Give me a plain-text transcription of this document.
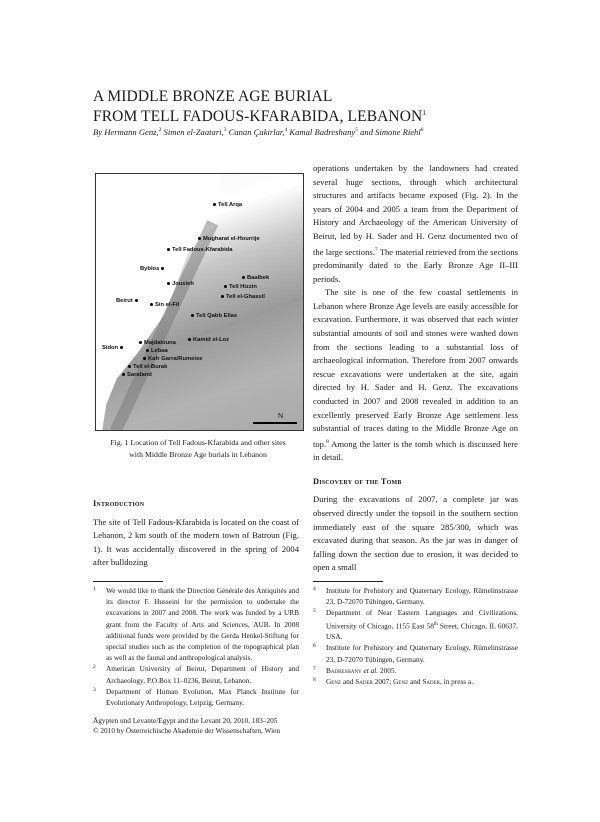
A MIDDLE BRONZE AGE BURIAL
FROM TELL FADOUS-KFARABIDA, LEBANON$^1$
By Hermann Genz,$^2$ Simen el-Zaatari,$^3$ Canan Çakirlar,$^4$ Kamal Badreshany$^5$ and Simone Riehl$^6$
Tell Arqa
Mugharat el-Hourrije
Tell Fadous-Kfarabida
Byblos
Jousieh
Baalbek
Tell Hizzin
Tell el-Ghassil
Beirut
Sin el-Fil
Tell Qabb Elias
Kamid el-Loz
Majdalouna
Sidon	Lebaa
Kafr Garra/Rumeise
Tell el-Burak
Sarafand
N
Fig. 1 Location of Tell Fadous-Kfarabida and other sites
with Middle Bronze Age burials in Lebanon
Introduction

The site of Tell Fadous-Kfarabida is located on the coast of Lebanon, 2 km south of the modern town of Batroun (Fig. 1). It was accidentally discovered in the spring of 2004 after bulldozing

1	We would like to thank the Direction Générale des Antiquités and its director F. Husseini for the permission to undertake the excavations in 2007 and 2008. The work was funded by a URB grant from the Faculty of Arts and Sciences, AUB. In 2008 additional funds were provided by the Gerda Henkel-Stiftung for special studies such as the completion of the topographical plan as well as the faunal and anthropological analysis.
2	American University of Beirut, Department of History and Archaeology, P.O.Box 11–0236, Beirut, Lebanon.
3	Department of Human Evolution, Max Planck Institute for Evolutionary Anthropology, Leipzig, Germany.
Ägypten und Levante/Egypt and the Levant 20, 2010, 183–205
© 2010 by Österreichische Akademie der Wissenschaften, Wien

operations undertaken by the landowners had created several huge sections, through which architectural structures and artifacts became exposed (Fig. 2). In the years of 2004 and 2005 a team from the Department of History and Archaeology of the American University of Beirut, led by H. Sader and H. Genz documented two of the large sections.$^7$ The material retrieved from the sections predominantly dated to the Early Bronze Age II–III periods.

The site is one of the few coastal settlements in Lebanon where Bronze Age levels are easily accessible for excavation. Furthermore, it was observed that each winter substantial amounts of soil and stones were washed down from the sections leading to a substantial loss of archaeological information. Therefore from 2007 onwards rescue excavations were undertaken at the site, again directed by H. Sader and H. Genz. The excavations conducted in 2007 and 2008 revealed in addition to an excellently preserved Early Bronze Age settlement less substantial of traces dating to the Middle Bronze Age on top.$^8$ Among the latter is the tomb which is discussed here in detail.

Discovery of the Tomb

During the excavations of 2007, a complete jar was observed directly under the topsoil in the southern section immediately east of the square 285/300, which was excavated during that season. As the jar was in danger of falling down the section due to erosion, it was decided to open a small

4	Institute for Prehistory and Quaternary Ecology, Rümelinstrasse 23, D-72070 Tübingen, Germany.
5	Department of Near Eastern Languages and Civilizations, University of Chicago, 1155 East 58th Street, Chicago, IL 60637, USA.
6	Institute for Prehistory and Quaternary Ecology, Rümelinstrasse 23, D-72070 Tübingen, Germany.
7	Badreshany et al. 2005.
8	Genz and Sader 2007; Genz and Sader, in press a.
